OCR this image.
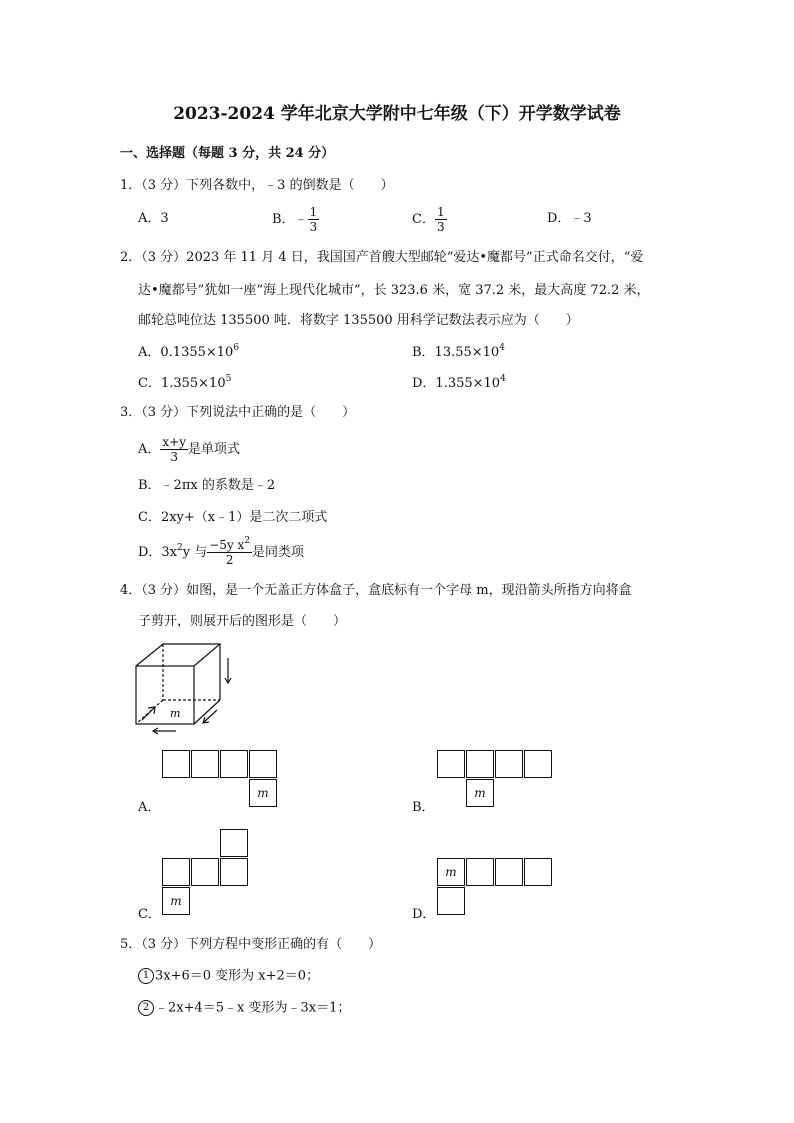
2023-2024 学年北京大学附中七年级（下）开学数学试卷
一、选择题（每题 3 分，共 24 分）
1．（3 分）下列各数中，﹣3 的倒数是（　　）
A．3	B．﹣ $\frac{1}{3}$	C． $\frac{1}{3}$	D．﹣3
2．（3 分）2023 年 11 月 4 日，我国国产首艘大型邮轮“爱达•魔都号”正式命名交付，“爱
达•魔都号”犹如一座“海上现代化城市”，长 323.6 米，宽 37.2 米，最大高度 72.2 米，
邮轮总吨位达 135500 吨．将数字 135500 用科学记数法表示应为（　　）
A．$0.1355\times 10^6$	B．$13.55\times 10^4$
C．$1.355\times 10^5$	D．$1.355\times 10^4$
3．（3 分）下列说法中正确的是（　　）
A． $\frac{x+y}{3}$ 是单项式
B．﹣2πx 的系数是﹣2
C．2xy+（x﹣1）是二次二项式
D．$3x^2y$ 与 $\frac{-5y x^2}{2}$ 是同类项
4．（3 分）如图，是一个无盖正方体盒子，盒底标有一个字母 m，现沿箭头所指方向将盒
子剪开，则展开后的图形是（　　）
m
m
A．
m
B．
m
C．
m
D．
5．（3 分）下列方程中变形正确的有（　　）
1 3x+6＝0 变形为 x+2＝0；
2 ﹣2x+4＝5﹣x 变形为﹣3x＝1；
